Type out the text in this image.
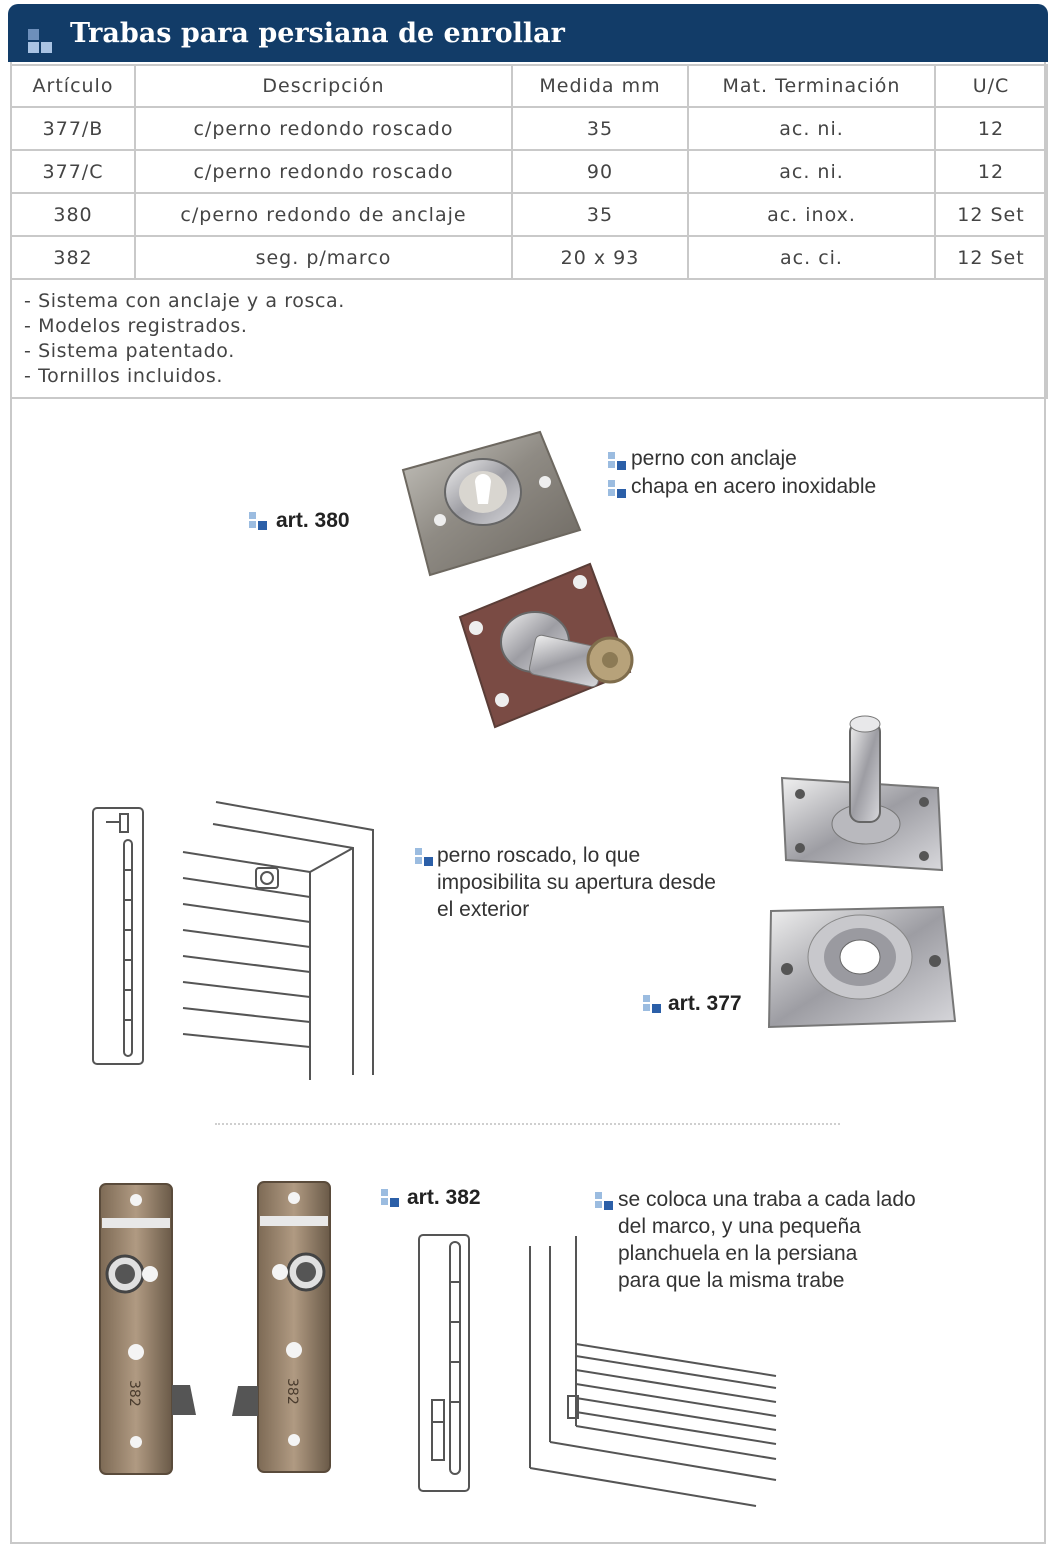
Trabas para persiana de enrollar
Artículo	Descripción	Medida mm	Mat. Terminación	U/C
377/B	c/perno redondo roscado	35	ac. ni.	12
377/C	c/perno redondo roscado	90	ac. ni.	12
380	c/perno redondo de anclaje	35	ac. inox.	12 Set
382	seg. p/marco	20 x 93	ac. ci.	12 Set

- Sistema con anclaje y a rosca.
- Modelos registrados.
- Sistema patentado.
- Tornillos incluidos.				
art. 380
perno con anclaje
chapa en acero inoxidable
perno roscado, lo que
imposibilita su apertura desde
el exterior
art. 377
382	382
art. 382	se coloca una traba a cada lado
del marco, y una pequeña
planchuela en la persiana
para que la misma trabe
